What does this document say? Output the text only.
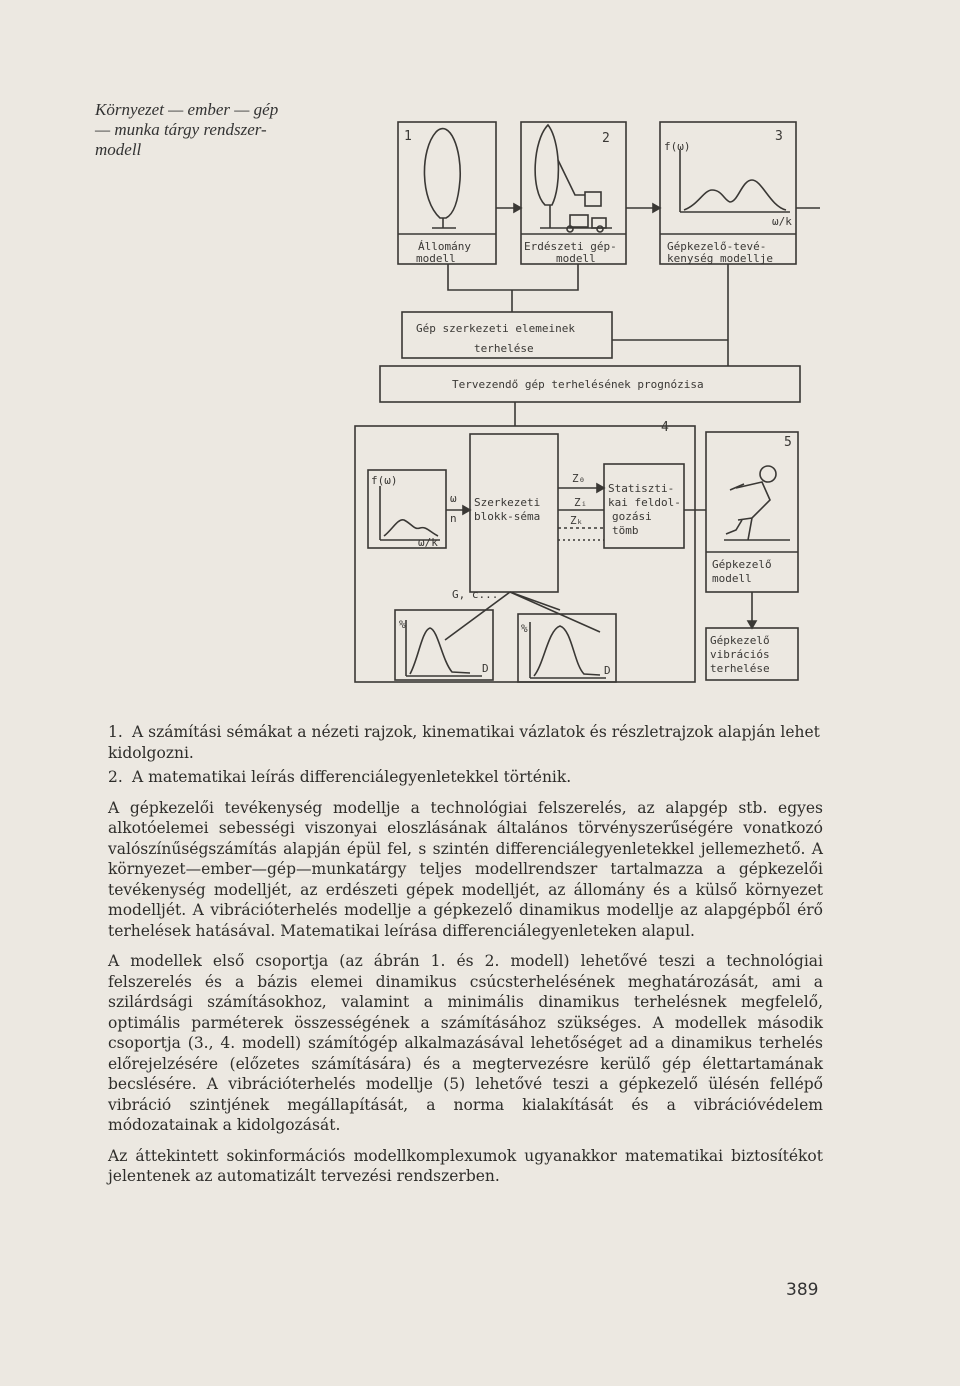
Környezet — ember — gép
— munka tárgy rendszer-
modell
1	2	3
4
5
Állomány
modell
Erdészeti gép-
modell
Gépkezelő-tevé-
kenység modellje
f(ω)
ω/k
Gép szerkezeti elemeinek
terhelése
Tervezendő gép terhelésének prognózisa
f(ω)
ω/k
ω
n
Szerkezeti
blokk-séma
Z₀
Zᵢ
Zₖ
Statiszti-
kai feldol-
gozási
tömb
G, c...
%	%
D	D
Gépkezelő
modell
Gépkezelő
vibrációs
terhelése
1. A számítási sémákat a nézeti rajzok, kinematikai vázlatok és részletrajzok alapján lehet kidolgozni.
2. A matematikai leírás differenciálegyenletekkel történik.

A gépkezelői tevékenység modellje a technológiai felszerelés, az alapgép stb. egyes alkotóelemei sebességi viszonyai eloszlásának általános törvényszerűségére vonatkozó valószínűségszámítás alapján épül fel, s szintén differenciálegyenletekkel jellemezhető. A környezet—ember—gép—munkatárgy teljes modellrendszer tartalmazza a gépkezelői tevékenység modelljét, az erdészeti gépek modelljét, az állomány és a külső környezet modelljét. A vibrációterhelés modellje a gépkezelő dinamikus modellje az alapgépből érő terhelések hatásával. Matematikai leírása differenciálegyenleteken alapul.

A modellek első csoportja (az ábrán 1. és 2. modell) lehetővé teszi a technológiai felszerelés és a bázis elemei dinamikus csúcsterhelésének meghatározását, ami a szilárdsági számításokhoz, valamint a minimális dinamikus terhelésnek megfelelő, optimális parméterek összességének a számításához szükséges. A modellek második csoportja (3., 4. modell) számítógép alkalmazásával lehetőséget ad a dinamikus terhelés előrejelzésére (előzetes számítására) és a megtervezésre kerülő gép élettartamának becslésére. A vibrációterhelés modellje (5) lehetővé teszi a gépkezelő ülésén fellépő vibráció szintjének megállapítását, a norma kialakítását és a vibrációvédelem módozatainak a kidolgozását.

Az áttekintett sokinformációs modellkomplexumok ugyanakkor matematikai biztosítékot jelentenek az automatizált tervezési rendszerben.

389
